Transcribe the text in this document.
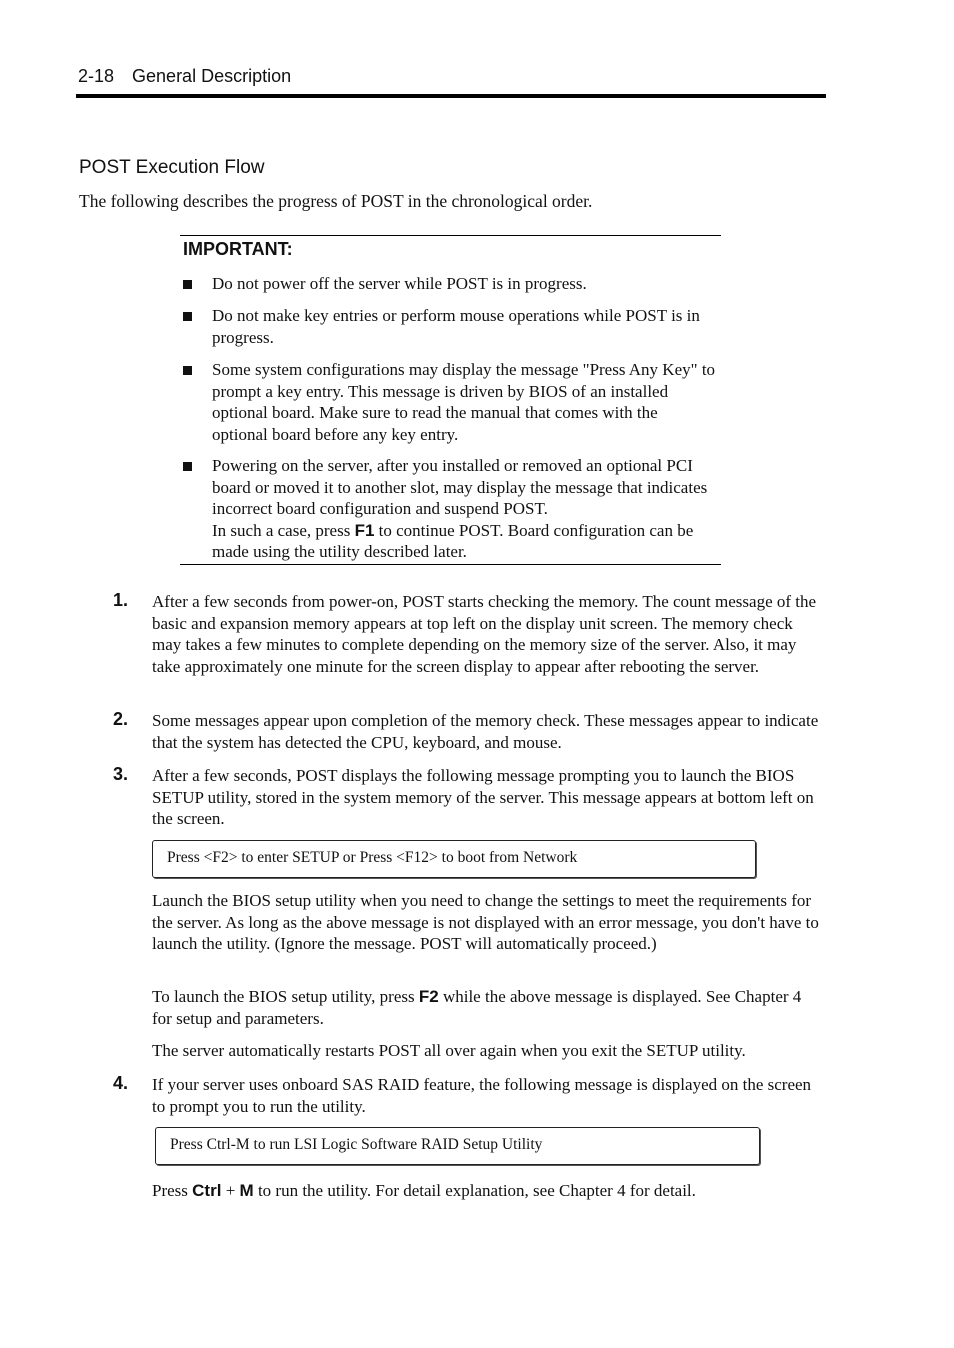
2-18 General Description
POST Execution Flow
The following describes the progress of POST in the chronological order.
IMPORTANT:
Do not power off the server while POST is in progress.
Do not make key entries or perform mouse operations while POST is in progress.
Some system configurations may display the message "Press Any Key" to prompt a key entry. This message is driven by BIOS of an installed optional board. Make sure to read the manual that comes with the optional board before any key entry.
Powering on the server, after you installed or removed an optional PCI board or moved it to another slot, may display the message that indicates incorrect board configuration and suspend POST.
In such a case, press F1 to continue POST. Board configuration can be made using the utility described later.
1. After a few seconds from power-on, POST starts checking the memory. The count message of the basic and expansion memory appears at top left on the display unit screen. The memory check may takes a few minutes to complete depending on the memory size of the server. Also, it may take approximately one minute for the screen display to appear after rebooting the server.
2. Some messages appear upon completion of the memory check. These messages appear to indicate that the system has detected the CPU, keyboard, and mouse.
3. After a few seconds, POST displays the following message prompting you to launch the BIOS SETUP utility, stored in the system memory of the server. This message appears at bottom left on the screen.
Press <F2> to enter SETUP or Press <F12> to boot from Network
Launch the BIOS setup utility when you need to change the settings to meet the requirements for the server. As long as the above message is not displayed with an error message, you don't have to launch the utility. (Ignore the message. POST will automatically proceed.)
To launch the BIOS setup utility, press F2 while the above message is displayed. See Chapter 4 for setup and parameters.
The server automatically restarts POST all over again when you exit the SETUP utility.
4. If your server uses onboard SAS RAID feature, the following message is displayed on the screen to prompt you to run the utility.
Press Ctrl-M to run LSI Logic Software RAID Setup Utility
Press Ctrl + M to run the utility. For detail explanation, see Chapter 4 for detail.
